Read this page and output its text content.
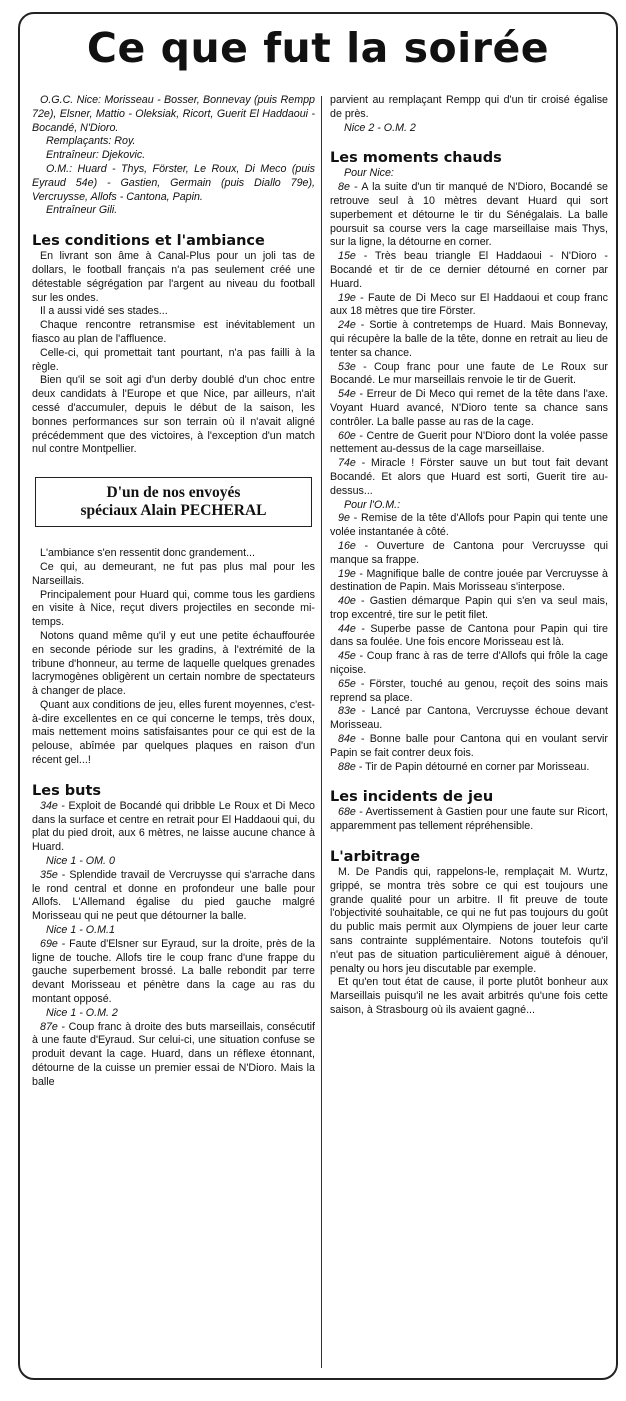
Ce que fut la soirée

O.G.C. Nice: Morisseau - Bosser, Bonnevay (puis Rempp 72e), Elsner, Mattio - Oleksiak, Ricort, Guerit El Haddaoui - Bocandé, N'Dioro.

Remplaçants: Roy.

Entraîneur: Djekovic.

O.M.: Huard - Thys, Förster, Le Roux, Di Meco (puis Eyraud 54e) - Gastien, Germain (puis Diallo 79e), Vercruysse, Allofs - Cantona, Papin.

Entraîneur Gili.

Les conditions et l'ambiance

En livrant son âme à Canal-Plus pour un joli tas de dollars, le football français n'a pas seulement créé une détestable ségrégation par l'argent au niveau du football sur les ondes.

Il a aussi vidé ses stades...

Chaque rencontre retransmise est inévitablement un fiasco au plan de l'affluence.

Celle-ci, qui promettait tant pourtant, n'a pas failli à la règle.

Bien qu'il se soit agi d'un derby doublé d'un choc entre deux candidats à l'Europe et que Nice, par ailleurs, n'ait cessé d'accumuler, depuis le début de la saison, les bonnes performances sur son terrain où il n'avait aligné précédemment que des victoires, à l'exception d'un match nul contre Montpellier.

D'un de nos envoyés
spéciaux Alain PECHERAL

L'ambiance s'en ressentit donc grandement...

Ce qui, au demeurant, ne fut pas plus mal pour les Narseillais.

Principalement pour Huard qui, comme tous les gardiens en visite à Nice, reçut divers projectiles en seconde mi-temps.

Notons quand même qu'il y eut une petite échauffourée en seconde période sur les gradins, à l'extrémité de la tribune d'honneur, au terme de laquelle quelques grenades lacrymogènes obligèrent un certain nombre de spectateurs à changer de place.

Quant aux conditions de jeu, elles furent moyennes, c'est-à-dire excellentes en ce qui concerne le temps, très doux, mais nettement moins satisfaisantes pour ce qui est de la pelouse, abîmée par quelques plaques en raison d'un récent gel...!

Les buts

34e - Exploit de Bocandé qui dribble Le Roux et Di Meco dans la surface et centre en retrait pour El Haddaoui qui, du plat du pied droit, aux 6 mètres, ne laisse aucune chance à Huard.

Nice 1 - OM. 0

35e - Splendide travail de Vercruysse qui s'arrache dans le rond central et donne en profondeur une balle pour Allofs. L'Allemand égalise du pied gauche malgré Morisseau qui ne peut que détourner la balle.

Nice 1 - O.M.1

69e - Faute d'Elsner sur Eyraud, sur la droite, près de la ligne de touche. Allofs tire le coup franc d'une frappe du gauche superbement brossé. La balle rebondit par terre devant Morisseau et pénètre dans la cage au ras du montant opposé.

Nice 1 - O.M. 2

87e - Coup franc à droite des buts marseillais, consécutif à une faute d'Eyraud. Sur celui-ci, une situation confuse se produit devant la cage. Huard, dans un réflexe étonnant, détourne de la cuisse un premier essai de N'Dioro. Mais la balle

parvient au remplaçant Rempp qui d'un tir croisé égalise de près.

Nice 2 - O.M. 2

Les moments chauds

Pour Nice:

8e - A la suite d'un tir manqué de N'Dioro, Bocandé se retrouve seul à 10 mètres devant Huard qui sort superbement et détourne le tir du Sénégalais. La balle poursuit sa course vers la cage marseillaise mais Thys, sur la ligne, la détourne en corner.

15e - Très beau triangle El Haddaoui - N'Dioro - Bocandé et tir de ce dernier détourné en corner par Huard.

19e - Faute de Di Meco sur El Haddaoui et coup franc aux 18 mètres que tire Förster.

24e - Sortie à contretemps de Huard. Mais Bonnevay, qui récupère la balle de la tête, donne en retrait au lieu de tenter sa chance.

53e - Coup franc pour une faute de Le Roux sur Bocandé. Le mur marseillais renvoie le tir de Guerit.

54e - Erreur de Di Meco qui remet de la tête dans l'axe. Voyant Huard avancé, N'Dioro tente sa chance sans contrôler. La balle passe au ras de la cage.

60e - Centre de Guerit pour N'Dioro dont la volée passe nettement au-dessus de la cage marseillaise.

74e - Miracle ! Förster sauve un but tout fait devant Bocandé. Et alors que Huard est sorti, Guerit tire au-dessus...

Pour l'O.M.:

9e - Remise de la tête d'Allofs pour Papin qui tente une volée instantanée à côté.

16e - Ouverture de Cantona pour Vercruysse qui manque sa frappe.

19e - Magnifique balle de contre jouée par Vercruysse à destination de Papin. Mais Morisseau s'interpose.

40e - Gastien démarque Papin qui s'en va seul mais, trop excentré, tire sur le petit filet.

44e - Superbe passe de Cantona pour Papin qui tire dans sa foulée. Une fois encore Morisseau est là.

45e - Coup franc à ras de terre d'Allofs qui frôle la cage niçoise.

65e - Förster, touché au genou, reçoit des soins mais reprend sa place.

83e - Lancé par Cantona, Vercruysse échoue devant Morisseau.

84e - Bonne balle pour Cantona qui en voulant servir Papin se fait contrer deux fois.

88e - Tir de Papin détourné en corner par Morisseau.

Les incidents de jeu

68e - Avertissement à Gastien pour une faute sur Ricort, apparemment pas tellement répréhensible.

L'arbitrage

M. De Pandis qui, rappelons-le, remplaçait M. Wurtz, grippé, se montra très sobre ce qui est toujours une grande qualité pour un arbitre. Il fit preuve de toute l'objectivité souhaitable, ce qui ne fut pas toujours du goût du public mais permit aux Olympiens de jouer leur carte sans contrainte supplémentaire. Notons toutefois qu'il n'eut pas de situation particulièrement aiguë à dénouer, penalty ou hors jeu discutable par exemple.

Et qu'en tout état de cause, il porte plutôt bonheur aux Marseillais puisqu'il ne les avait arbitrés qu'une fois cette saison, à Strasbourg où ils avaient gagné...
